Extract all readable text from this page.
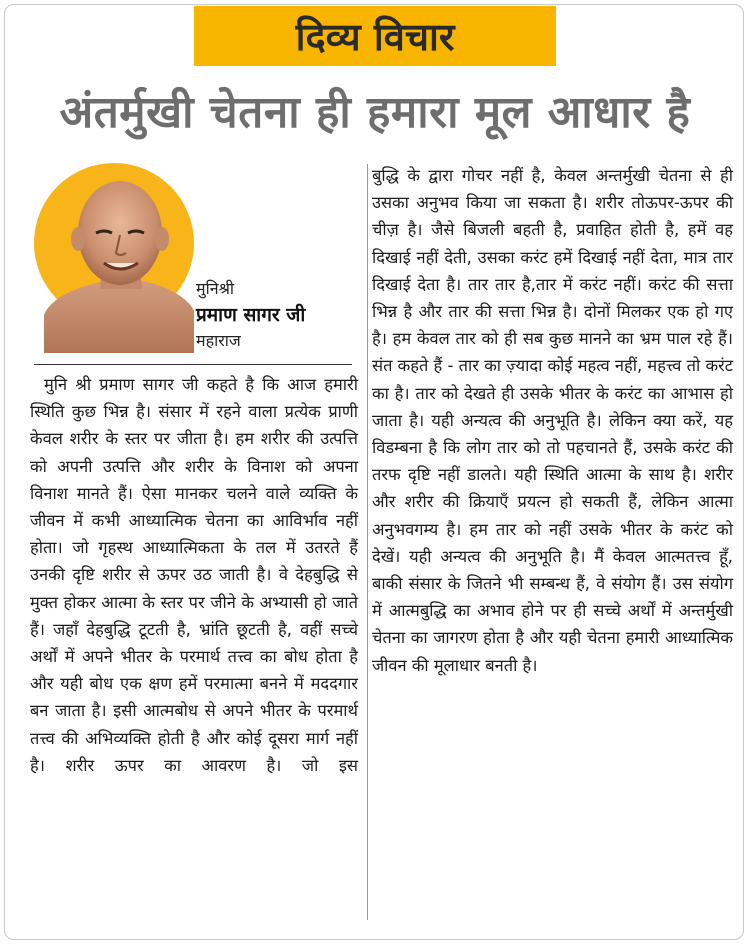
दिव्य विचार
अंतर्मुखी चेतना ही हमारा मूल आधार है
मुनिश्री
प्रमाण सागर जी
महाराज

मुनि श्री प्रमाण सागर जी कहते है कि आज हमारी स्थिति कुछ भिन्न है। संसार में रहने वाला प्रत्येक प्राणी केवल शरीर के स्तर पर जीता है। हम शरीर की उत्पत्ति को अपनी उत्पत्ति और शरीर के विनाश को अपना विनाश मानते हैं। ऐसा मानकर चलने वाले व्यक्ति के जीवन में कभी आध्यात्मिक चेतना का आविर्भाव नहीं होता। जो गृहस्थ आध्यात्मिकता के तल में उतरते हैं उनकी दृष्टि शरीर से ऊपर उठ जाती है। वे देहबुद्धि से मुक्त होकर आत्मा के स्तर पर जीने के अभ्यासी हो जाते हैं। जहाँ देहबुद्धि टूटती है, भ्रांति छूटती है, वहीं सच्चे अर्थों में अपने भीतर के परमार्थ तत्त्व का बोध होता है और यही बोध एक क्षण हमें परमात्मा बनने में मददगार बन जाता है। इसी आत्मबोध से अपने भीतर के परमार्थ तत्त्व की अभिव्यक्ति होती है और कोई दूसरा मार्ग नहीं है। शरीर ऊपर का आवरण है। जो इस

बुद्धि के द्वारा गोचर नहीं है, केवल अन्तर्मुखी चेतना से ही उसका अनुभव किया जा सकता है। शरीर तोऊपर-ऊपर की चीज़ है। जैसे बिजली बहती है, प्रवाहित होती है, हमें वह दिखाई नहीं देती, उसका करंट हमें दिखाई नहीं देता, मात्र तार दिखाई देता है। तार तार है,तार में करंट नहीं। करंट की सत्ता भिन्न है और तार की सत्ता भिन्न है। दोनों मिलकर एक हो गए है। हम केवल तार को ही सब कुछ मानने का भ्रम पाल रहे हैं। संत कहते हैं - तार का ज़्यादा कोई महत्व नहीं, महत्त्व तो करंट का है। तार को देखते ही उसके भीतर के करंट का आभास हो जाता है। यही अन्यत्व की अनुभूति है। लेकिन क्या करें, यह विडम्बना है कि लोग तार को तो पहचानते हैं, उसके करंट की तरफ दृष्टि नहीं डालते। यही स्थिति आत्मा के साथ है। शरीर और शरीर की क्रियाएँ प्रयत्न हो सकती हैं, लेकिन आत्मा अनुभवगम्य है। हम तार को नहीं उसके भीतर के करंट को देखें। यही अन्यत्व की अनुभूति है। मैं केवल आत्मतत्त्व हूँ, बाकी संसार के जितने भी सम्बन्ध हैं, वे संयोग हैं। उस संयोग में आत्मबुद्धि का अभाव होने पर ही सच्चे अर्थों में अन्तर्मुखी चेतना का जागरण होता है और यही चेतना हमारी आध्यात्मिक जीवन की मूलाधार बनती है।
